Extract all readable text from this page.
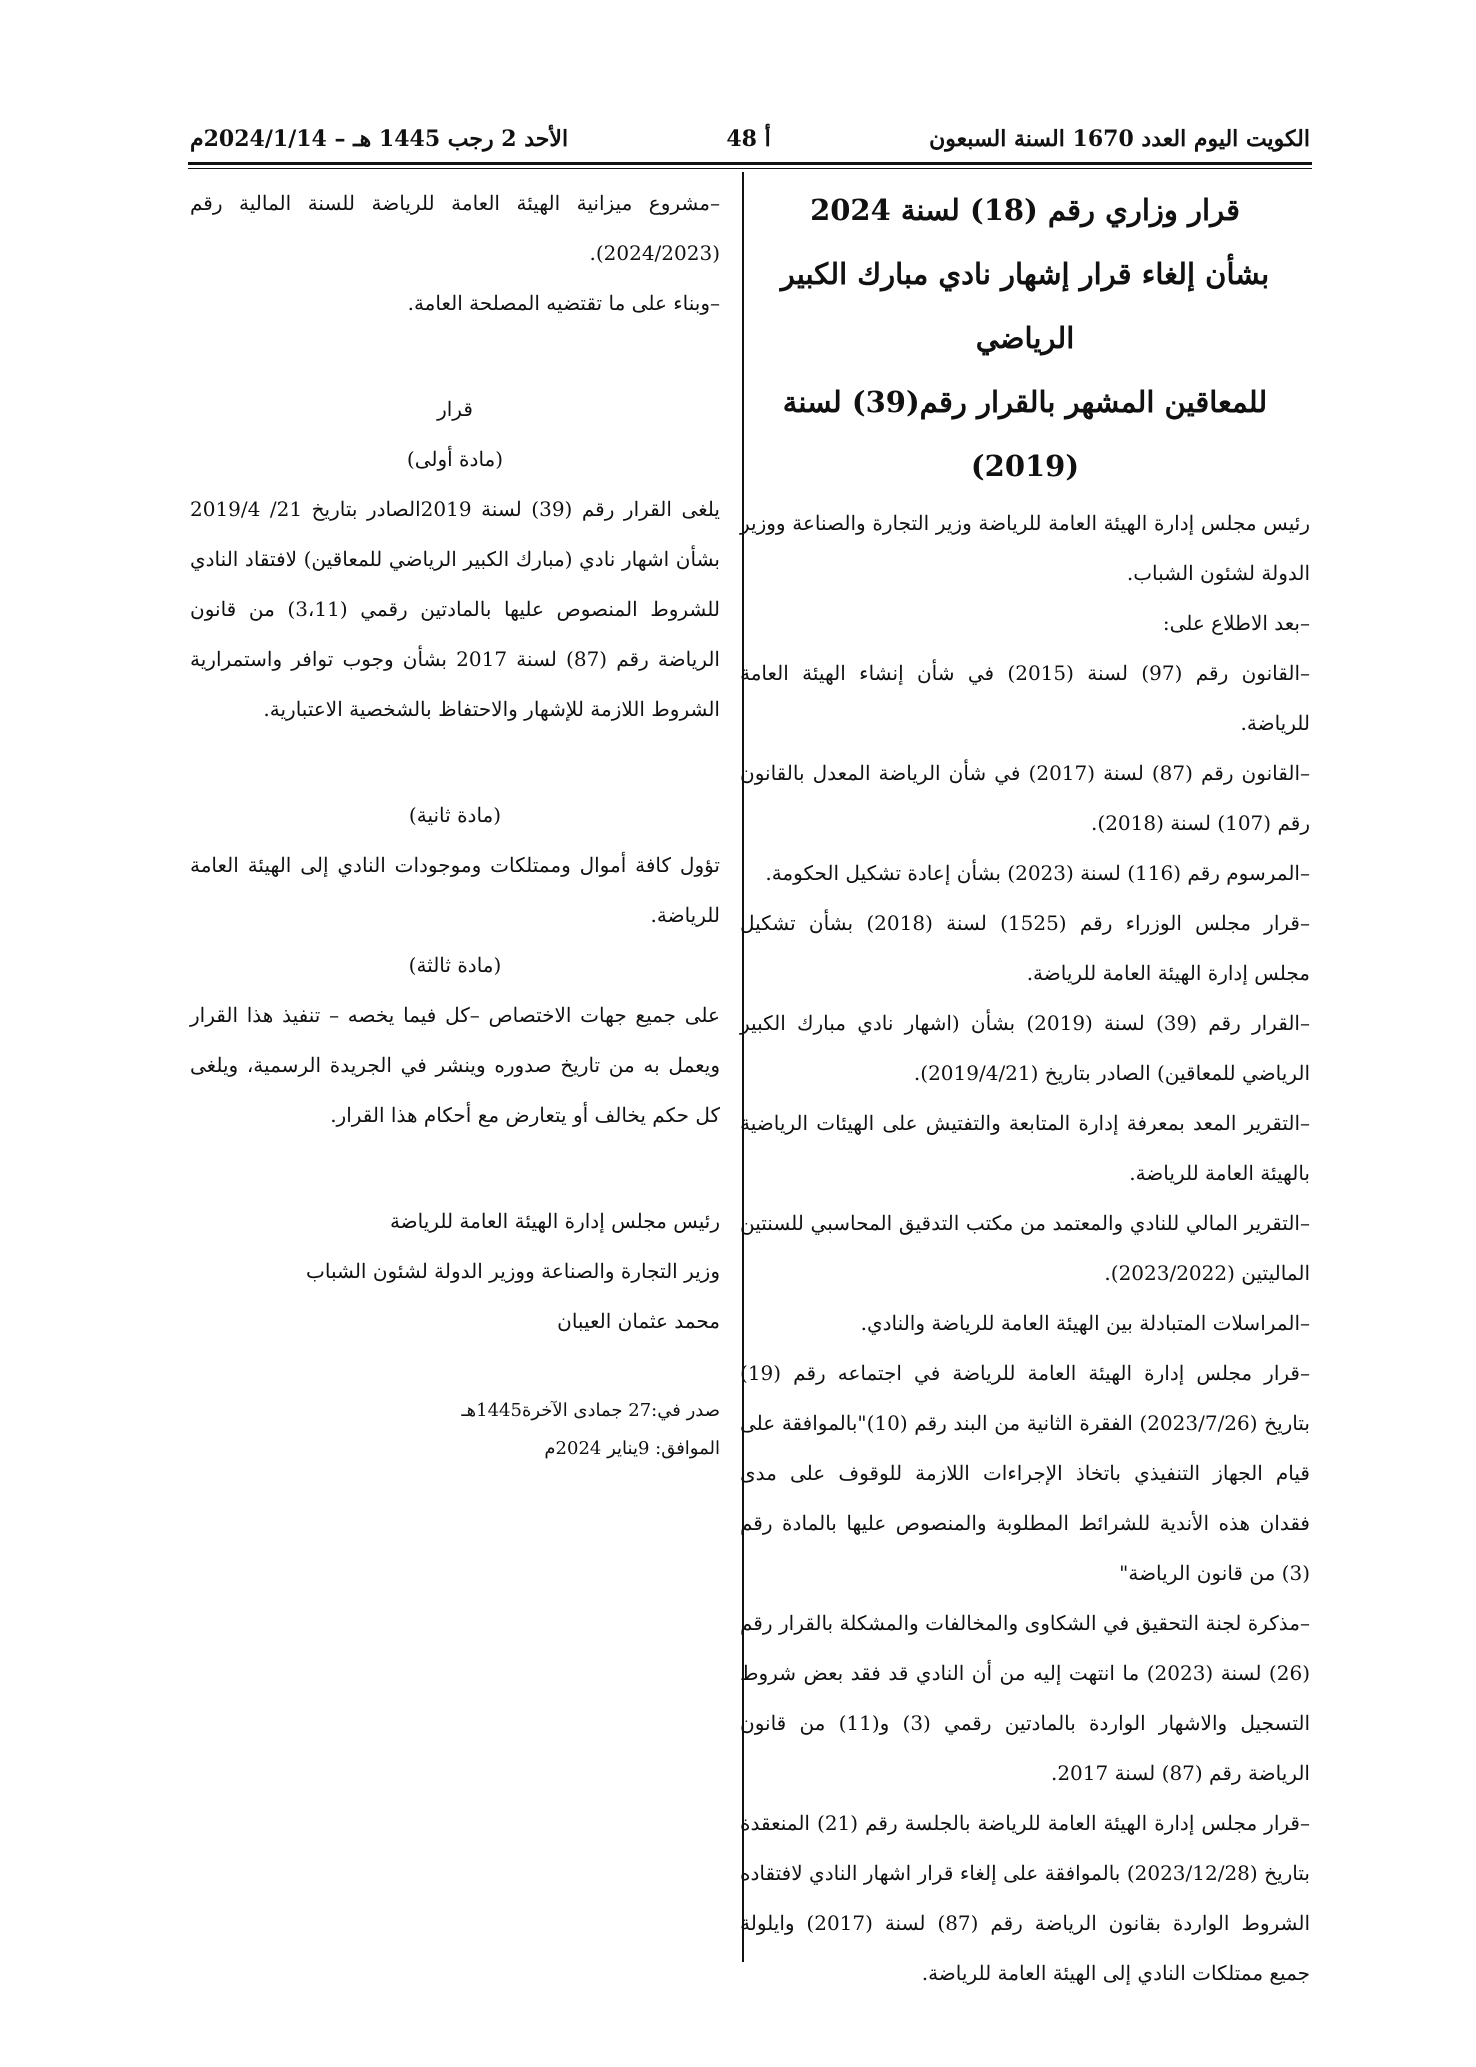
الكويت اليوم العدد 1670 السنة السبعون
أ 48
الأحد 2 رجب 1445 هـ – 2024/1/14م
قرار وزاري رقم (18) لسنة 2024
بشأن إلغاء قرار إشهار نادي مبارك الكبير الرياضي
للمعاقين المشهر بالقرار رقم(39) لسنة (2019)

رئيس مجلس إدارة الهيئة العامة للرياضة وزير التجارة والصناعة ووزير الدولة لشئون الشباب.

–بعد الاطلاع على:

–القانون رقم (97) لسنة (2015) في شأن إنشاء الهيئة العامة للرياضة.

–القانون رقم (87) لسنة (2017) في شأن الرياضة المعدل بالقانون رقم (107) لسنة (2018).

–المرسوم رقم (116) لسنة (2023) بشأن إعادة تشكيل الحكومة.

–قرار مجلس الوزراء رقم (1525) لسنة (2018) بشأن تشكيل مجلس إدارة الهيئة العامة للرياضة.

–القرار رقم (39) لسنة (2019) بشأن (اشهار نادي مبارك الكبير الرياضي للمعاقين) الصادر بتاريخ (2019/4/21).

–التقرير المعد بمعرفة إدارة المتابعة والتفتيش على الهيئات الرياضية بالهيئة العامة للرياضة.

–التقرير المالي للنادي والمعتمد من مكتب التدقيق المحاسبي للسنتين الماليتين (2023/2022).

–المراسلات المتبادلة بين الهيئة العامة للرياضة والنادي.

–قرار مجلس إدارة الهيئة العامة للرياضة في اجتماعه رقم (19) بتاريخ (2023/7/26) الفقرة الثانية من البند رقم (10)"بالموافقة على قيام الجهاز التنفيذي باتخاذ الإجراءات اللازمة للوقوف على مدى فقدان هذه الأندية للشرائط المطلوبة والمنصوص عليها بالمادة رقم (3) من قانون الرياضة"

–مذكرة لجنة التحقيق في الشكاوى والمخالفات والمشكلة بالقرار رقم (26) لسنة (2023) ما انتهت إليه من أن النادي قد فقد بعض شروط التسجيل والاشهار الواردة بالمادتين رقمي (3) و(11) من قانون الرياضة رقم (87) لسنة 2017.

–قرار مجلس إدارة الهيئة العامة للرياضة بالجلسة رقم (21) المنعقدة بتاريخ (2023/12/28) بالموافقة على إلغاء قرار اشهار النادي لافتقاده الشروط الواردة بقانون الرياضة رقم (87) لسنة (2017) وايلولة جميع ممتلكات النادي إلى الهيئة العامة للرياضة.

–مشروع ميزانية الهيئة العامة للرياضة للسنة المالية رقم (2024/2023).

–وبناء على ما تقتضيه المصلحة العامة.

قرار

(مادة أولى)

يلغى القرار رقم (39) لسنة 2019الصادر بتاريخ 21/ 2019/4 بشأن اشهار نادي (مبارك الكبير الرياضي للمعاقين) لافتقاد النادي للشروط المنصوص عليها بالمادتين رقمي (3،11) من قانون الرياضة رقم (87) لسنة 2017 بشأن وجوب توافر واستمرارية الشروط اللازمة للإشهار والاحتفاظ بالشخصية الاعتبارية.

(مادة ثانية)

تؤول كافة أموال وممتلكات وموجودات النادي إلى الهيئة العامة للرياضة.

(مادة ثالثة)

على جميع جهات الاختصاص –كل فيما يخصه – تنفيذ هذا القرار ويعمل به من تاريخ صدوره وينشر في الجريدة الرسمية، ويلغى كل حكم يخالف أو يتعارض مع أحكام هذا القرار.

رئيس مجلس إدارة الهيئة العامة للرياضة

وزير التجارة والصناعة ووزير الدولة لشئون الشباب

محمد عثمان العيبان

صدر في:27 جمادى الآخرة1445هـ

الموافق: 9يناير 2024م
